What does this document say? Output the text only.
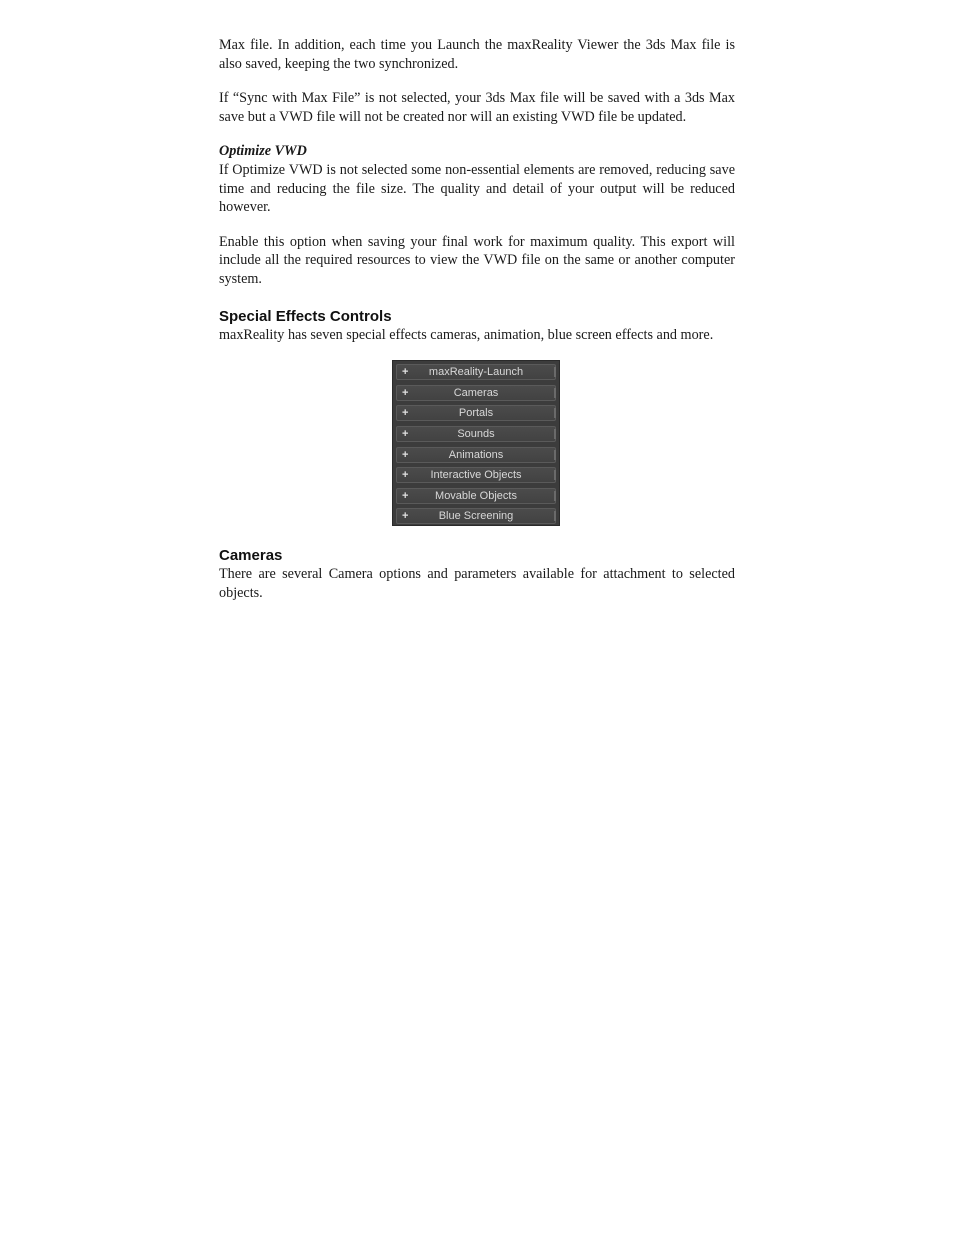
Max file. In addition, each time you Launch the maxReality Viewer the 3ds Max file is also saved, keeping the two synchronized.

If “Sync with Max File” is not selected, your 3ds Max file will be saved with a 3ds Max save but a VWD file will not be created nor will an existing VWD file be updated.

Optimize VWD

If Optimize VWD is not selected some non-essential elements are removed, reducing save time and reducing the file size. The quality and detail of your output will be reduced however.

Enable this option when saving your final work for maximum quality. This export will include all the required resources to view the VWD file on the same or another computer system.

Special Effects Controls

maxReality has seven special effects cameras, animation, blue screen effects and more.

+ maxReality-Launch
+	Cameras
+	Portals
+	Sounds
+	Animations
+ Interactive Objects
+ Movable Objects
+	Blue Screening
Cameras

There are several Camera options and parameters available for attachment to selected objects.
